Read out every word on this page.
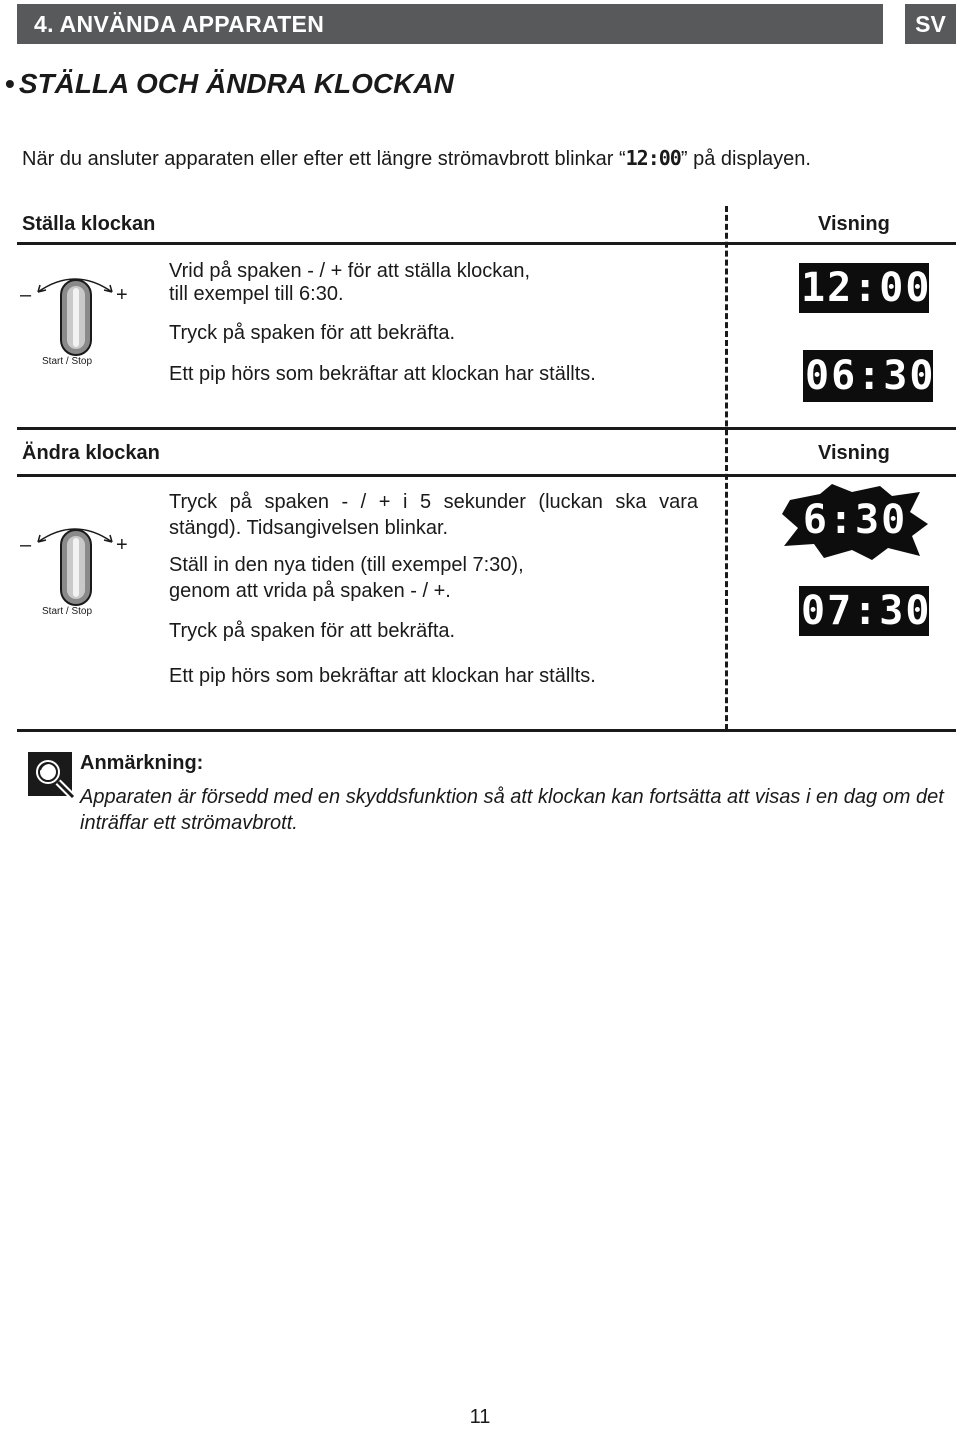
4. ANVÄNDA APPARATEN	SV
• STÄLLA OCH ÄNDRA KLOCKAN
När du ansluter apparaten eller efter ett längre strömavbrott blinkar “12:00” på displayen.
Ställa klockan	Visning
–	+
Start / Stop
Vrid på spaken - / + för att ställa klockan,
till exempel till 6:30.
Tryck på spaken för att bekräfta.
Ett pip hörs som bekräftar att klockan har ställts.
12:00
06:30
Ändra klockan	Visning
–	+
Start / Stop
Tryck på spaken - / + i 5 sekunder (luckan ska vara stängd). Tidsangivelsen blinkar.
Ställ in den nya tiden (till exempel 7:30),
genom att vrida på spaken - / +.
Tryck på spaken för att bekräfta.
Ett pip hörs som bekräftar att klockan har ställts.
6:30
07:30
Anmärkning:
Apparaten är försedd med en skyddsfunktion så att klockan kan fortsätta att visas i en dag om det inträffar ett strömavbrott.
11
